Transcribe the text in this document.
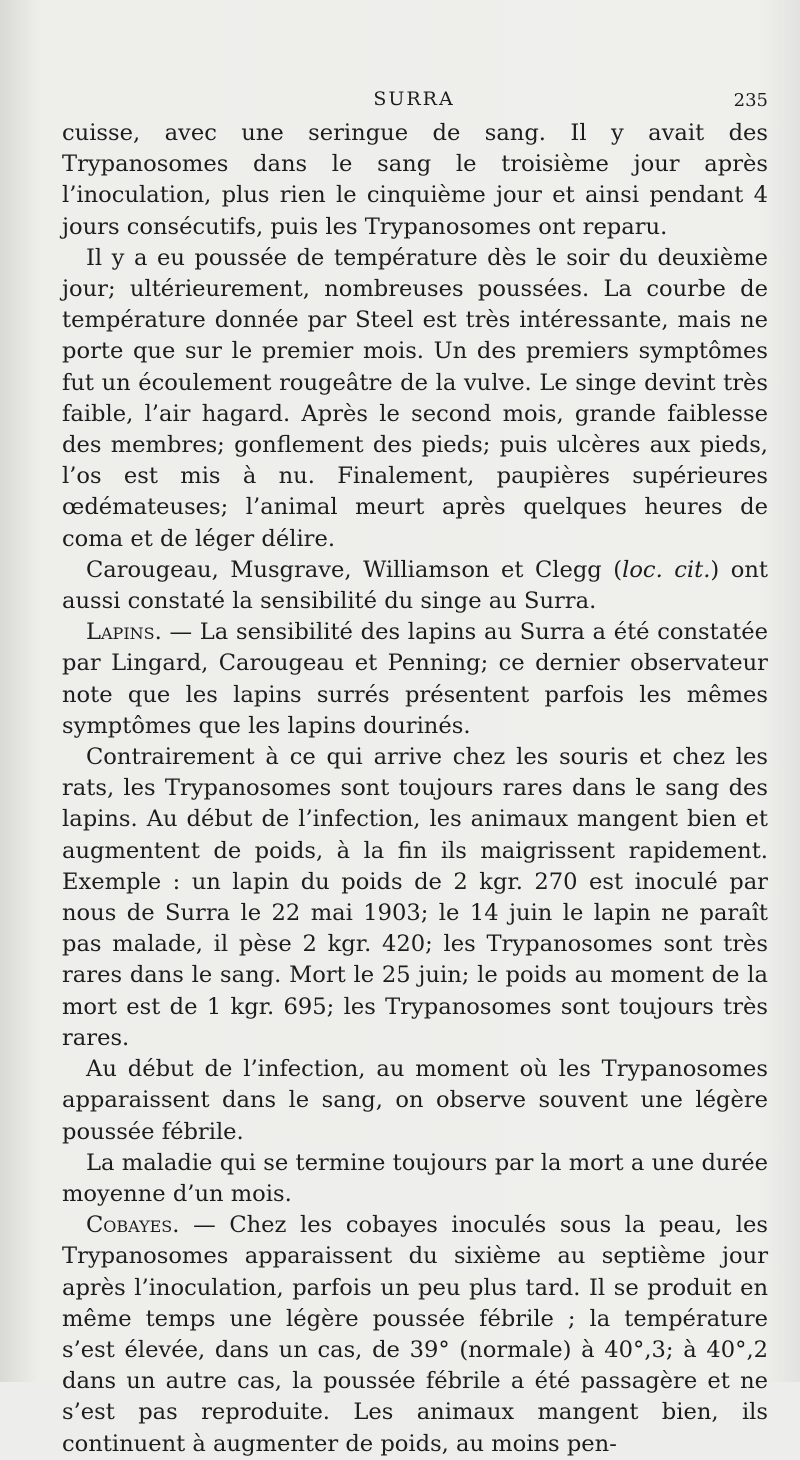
SURRA	235

cuisse, avec une seringue de sang. Il y avait des Trypanosomes dans le sang le troisième jour après l’inoculation, plus rien le cinquième jour et ainsi pendant 4 jours consécutifs, puis les Trypanosomes ont reparu.

Il y a eu poussée de température dès le soir du deuxième jour; ultérieurement, nombreuses poussées. La courbe de température donnée par Steel est très intéressante, mais ne porte que sur le premier mois. Un des premiers symptômes fut un écoulement rougeâtre de la vulve. Le singe devint très faible, l’air hagard. Après le second mois, grande faiblesse des membres; gonflement des pieds; puis ulcères aux pieds, l’os est mis à nu. Finalement, paupières supérieures œdémateuses; l’animal meurt après quelques heures de coma et de léger délire.

Carougeau, Musgrave, Williamson et Clegg (loc. cit.) ont aussi constaté la sensibilité du singe au Surra.

Lapins. — La sensibilité des lapins au Surra a été constatée par Lingard, Carougeau et Penning; ce dernier observateur note que les lapins surrés présentent parfois les mêmes symptômes que les lapins dourinés.

Contrairement à ce qui arrive chez les souris et chez les rats, les Trypanosomes sont toujours rares dans le sang des lapins. Au début de l’infection, les animaux mangent bien et augmentent de poids, à la fin ils maigrissent rapidement. Exemple : un lapin du poids de 2 kgr. 270 est inoculé par nous de Surra le 22 mai 1903; le 14 juin le lapin ne paraît pas malade, il pèse 2 kgr. 420; les Trypanosomes sont très rares dans le sang. Mort le 25 juin; le poids au moment de la mort est de 1 kgr. 695; les Trypanosomes sont toujours très rares.

Au début de l’infection, au moment où les Trypanosomes apparaissent dans le sang, on observe souvent une légère poussée fébrile.

La maladie qui se termine toujours par la mort a une durée moyenne d’un mois.

Cobayes. — Chez les cobayes inoculés sous la peau, les Trypanosomes apparaissent du sixième au septième jour après l’inoculation, parfois un peu plus tard. Il se produit en même temps une légère poussée fébrile ; la température s’est élevée, dans un cas, de 39° (normale) à 40°,3; à 40°,2 dans un autre cas, la poussée fébrile a été passagère et ne s’est pas reproduite. Les animaux mangent bien, ils continuent à augmenter de poids, au moins pen-
